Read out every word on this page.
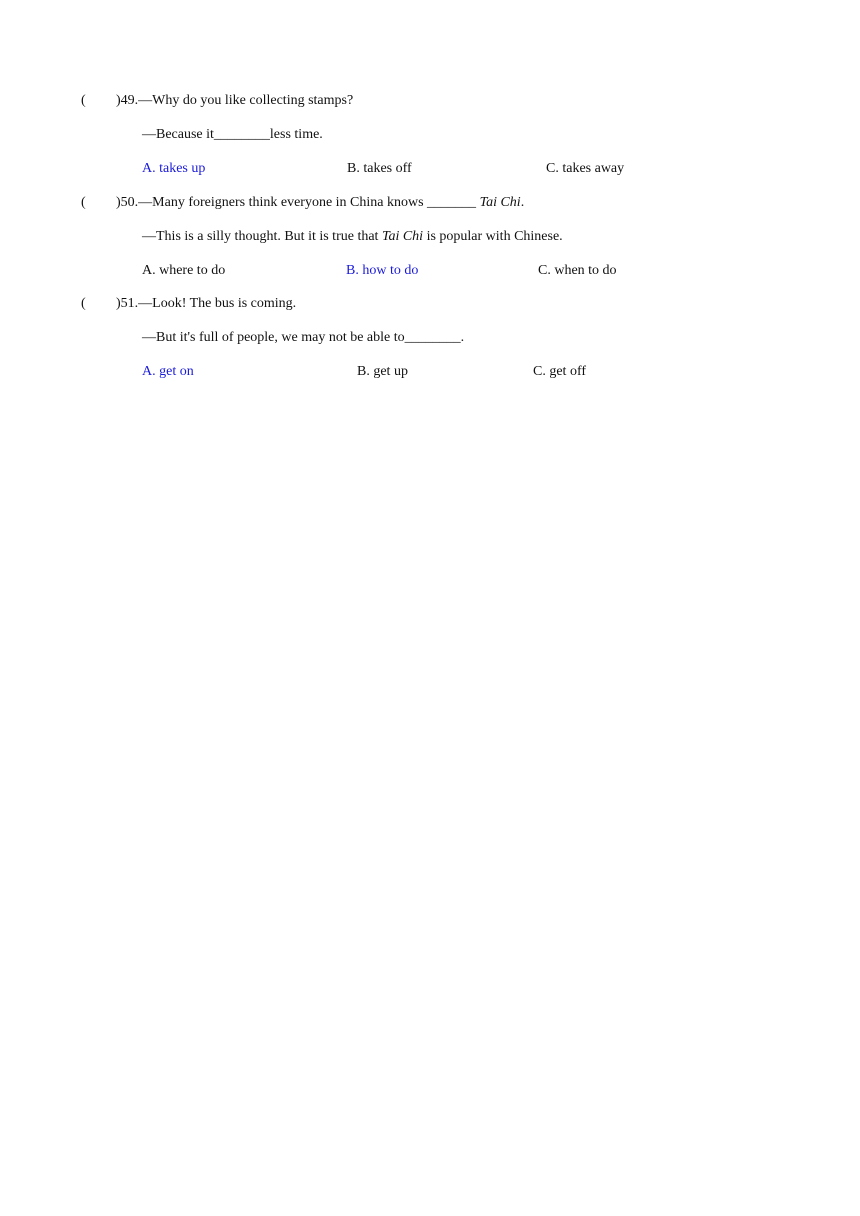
( )49.—Why do you like collecting stamps?
—Because it________less time.
A. takes up	B. takes off	C. takes away
( )50.—Many foreigners think everyone in China knows _______ Tai Chi.
—This is a silly thought. But it is true that Tai Chi is popular with Chinese.
A. where to do	B. how to do	C. when to do
( )51.—Look! The bus is coming.
—But it's full of people, we may not be able to________.
A. get on	B. get up	C. get off
